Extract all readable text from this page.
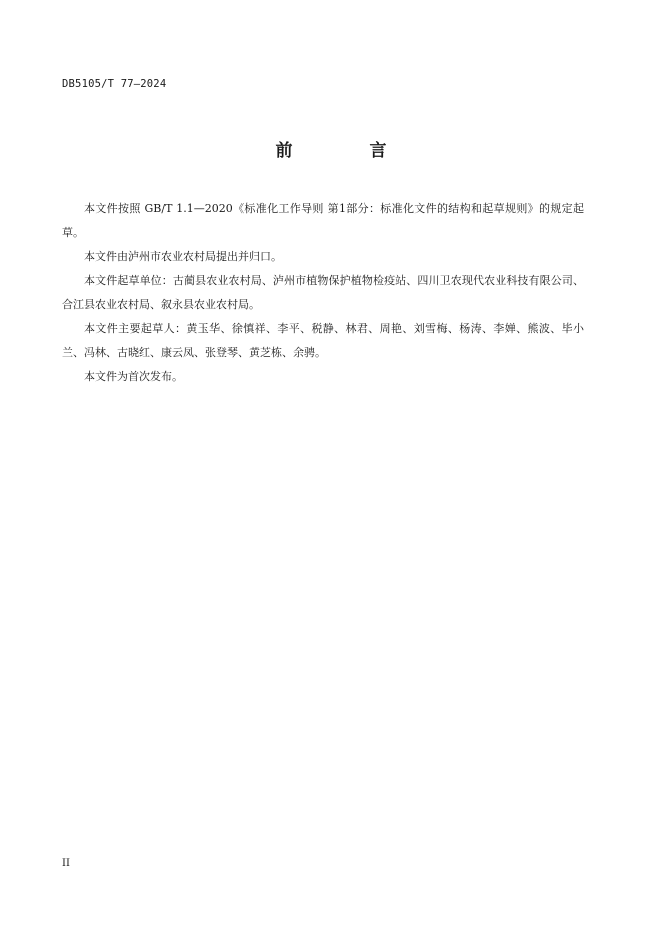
DB5105/T 77—2024
前　言

本文件按照 GB/T 1.1—2020《标准化工作导则 第1部分：标准化文件的结构和起草规则》的规定起草。

本文件由泸州市农业农村局提出并归口。

本文件起草单位：古蔺县农业农村局、泸州市植物保护植物检疫站、四川卫农现代农业科技有限公司、合江县农业农村局、叙永县农业农村局。

本文件主要起草人：黄玉华、徐慎祥、李平、税静、林君、周艳、刘雪梅、杨涛、李婵、熊波、毕小兰、冯林、古晓红、康云凤、张登琴、黄芝栋、余骋。

本文件为首次发布。

II
